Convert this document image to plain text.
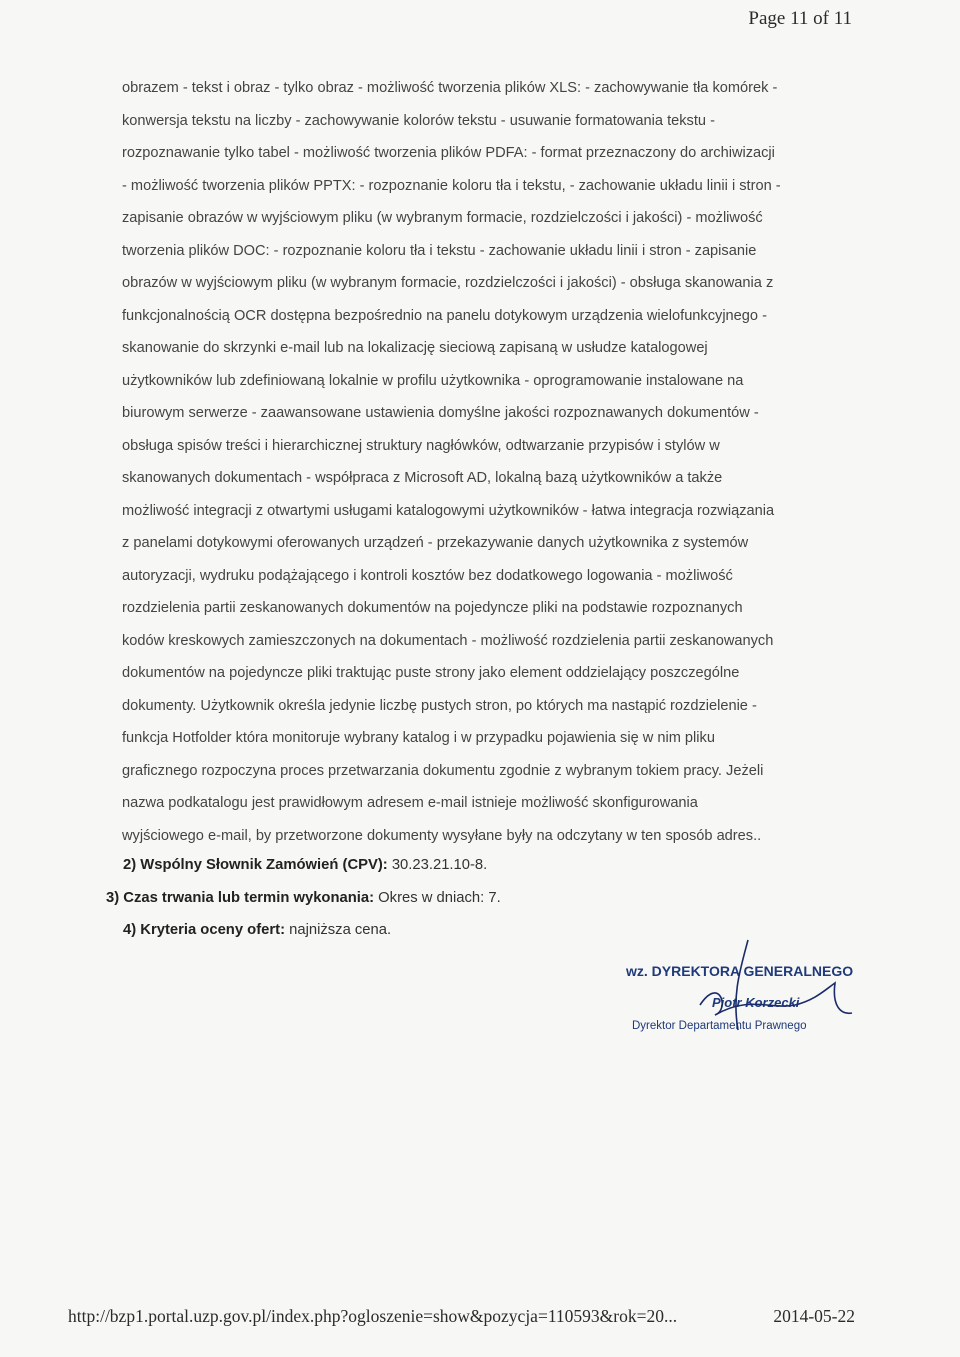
Page 11 of 11
obrazem - tekst i obraz - tylko obraz - możliwość tworzenia plików XLS: - zachowywanie tła komórek -
konwersja tekstu na liczby - zachowywanie kolorów tekstu - usuwanie formatowania tekstu -
rozpoznawanie tylko tabel - możliwość tworzenia plików PDFA: - format przeznaczony do archiwizacji
- możliwość tworzenia plików PPTX: - rozpoznanie koloru tła i tekstu, - zachowanie układu linii i stron -
zapisanie obrazów w wyjściowym pliku (w wybranym formacie, rozdzielczości i jakości) - możliwość
tworzenia plików DOC: - rozpoznanie koloru tła i tekstu - zachowanie układu linii i stron - zapisanie
obrazów w wyjściowym pliku (w wybranym formacie, rozdzielczości i jakości) - obsługa skanowania z
funkcjonalnością OCR dostępna bezpośrednio na panelu dotykowym urządzenia wielofunkcyjnego -
skanowanie do skrzynki e-mail lub na lokalizację sieciową zapisaną w usłudze katalogowej
użytkowników lub zdefiniowaną lokalnie w profilu użytkownika - oprogramowanie instalowane na
biurowym serwerze - zaawansowane ustawienia domyślne jakości rozpoznawanych dokumentów -
obsługa spisów treści i hierarchicznej struktury nagłówków, odtwarzanie przypisów i stylów w
skanowanych dokumentach - współpraca z Microsoft AD, lokalną bazą użytkowników a także
możliwość integracji z otwartymi usługami katalogowymi użytkowników - łatwa integracja rozwiązania
z panelami dotykowymi oferowanych urządzeń - przekazywanie danych użytkownika z systemów
autoryzacji, wydruku podążającego i kontroli kosztów bez dodatkowego logowania - możliwość
rozdzielenia partii zeskanowanych dokumentów na pojedyncze pliki na podstawie rozpoznanych
kodów kreskowych zamieszczonych na dokumentach - możliwość rozdzielenia partii zeskanowanych
dokumentów na pojedyncze pliki traktując puste strony jako element oddzielający poszczególne
dokumenty. Użytkownik określa jedynie liczbę pustych stron, po których ma nastąpić rozdzielenie -
funkcja Hotfolder która monitoruje wybrany katalog i w przypadku pojawienia się w nim pliku
graficznego rozpoczyna proces przetwarzania dokumentu zgodnie z wybranym tokiem pracy. Jeżeli
nazwa podkatalogu jest prawidłowym adresem e-mail istnieje możliwość skonfigurowania
wyjściowego e-mail, by przetworzone dokumenty wysyłane były na odczytany w ten sposób adres..
2) Wspólny Słownik Zamówień (CPV): 30.23.21.10-8.
3) Czas trwania lub termin wykonania: Okres w dniach: 7.
4) Kryteria oceny ofert: najniższa cena.
wz. DYREKTORA GENERALNEGO
Piotr Korzecki
Dyrektor Departamentu Prawnego
http://bzp1.portal.uzp.gov.pl/index.php?ogloszenie=show&pozycja=110593&rok=20...	2014-05-22
